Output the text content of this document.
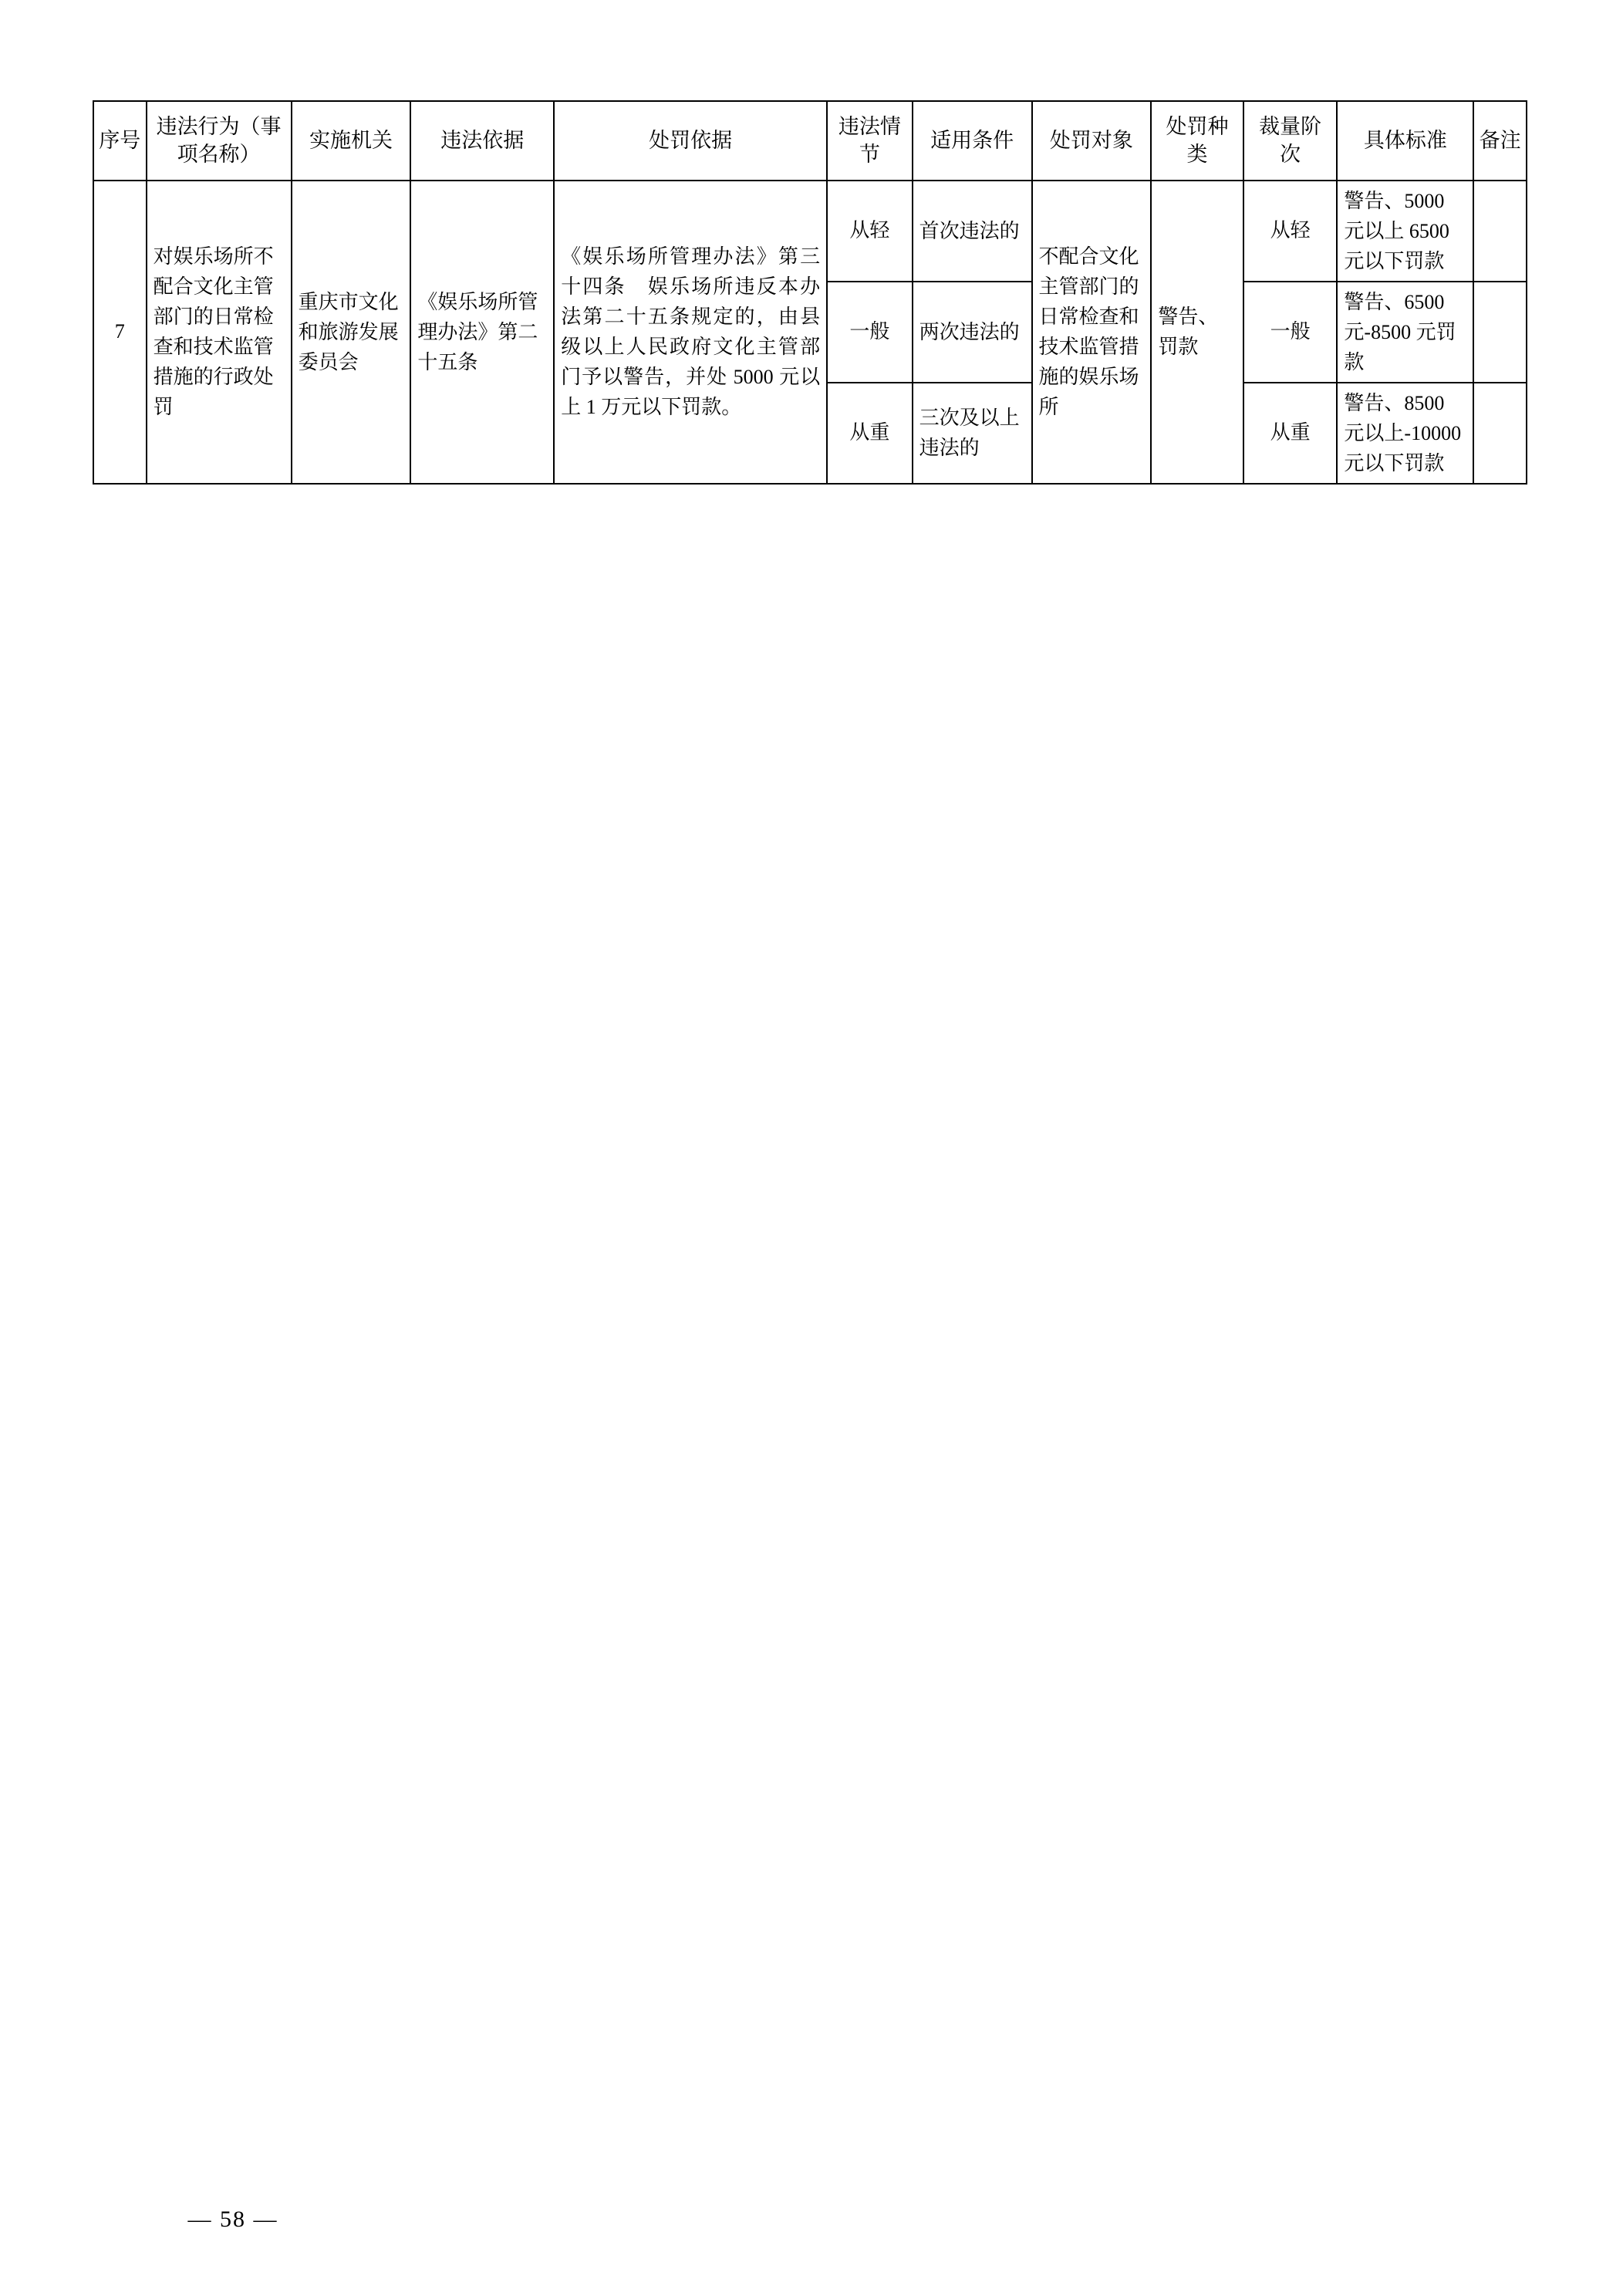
序号	违法行为（事项名称）	实施机关	违法依据	处罚依据	违法情节	适用条件	处罚对象	处罚种类	裁量阶次	具体标准	备注
7	对娱乐场所不配合文化主管部门的日常检查和技术监管措施的行政处罚	重庆市文化和旅游发展委员会	《娱乐场所管理办法》第二十五条	《娱乐场所管理办法》第三十四条　娱乐场所违反本办法第二十五条规定的，由县级以上人民政府文化主管部门予以警告，并处 5000 元以上 1 万元以下罚款。	从轻	首次违法的	不配合文化主管部门的日常检查和技术监管措施的娱乐场所	警告、罚款	从轻	警告、5000 元以上 6500 元以下罚款	

					一般	两次违法的			一般	警告、6500 元-8500 元罚款	

					从重	三次及以上违法的			从重	警告、8500 元以上-10000 元以下罚款	

— 58 —
